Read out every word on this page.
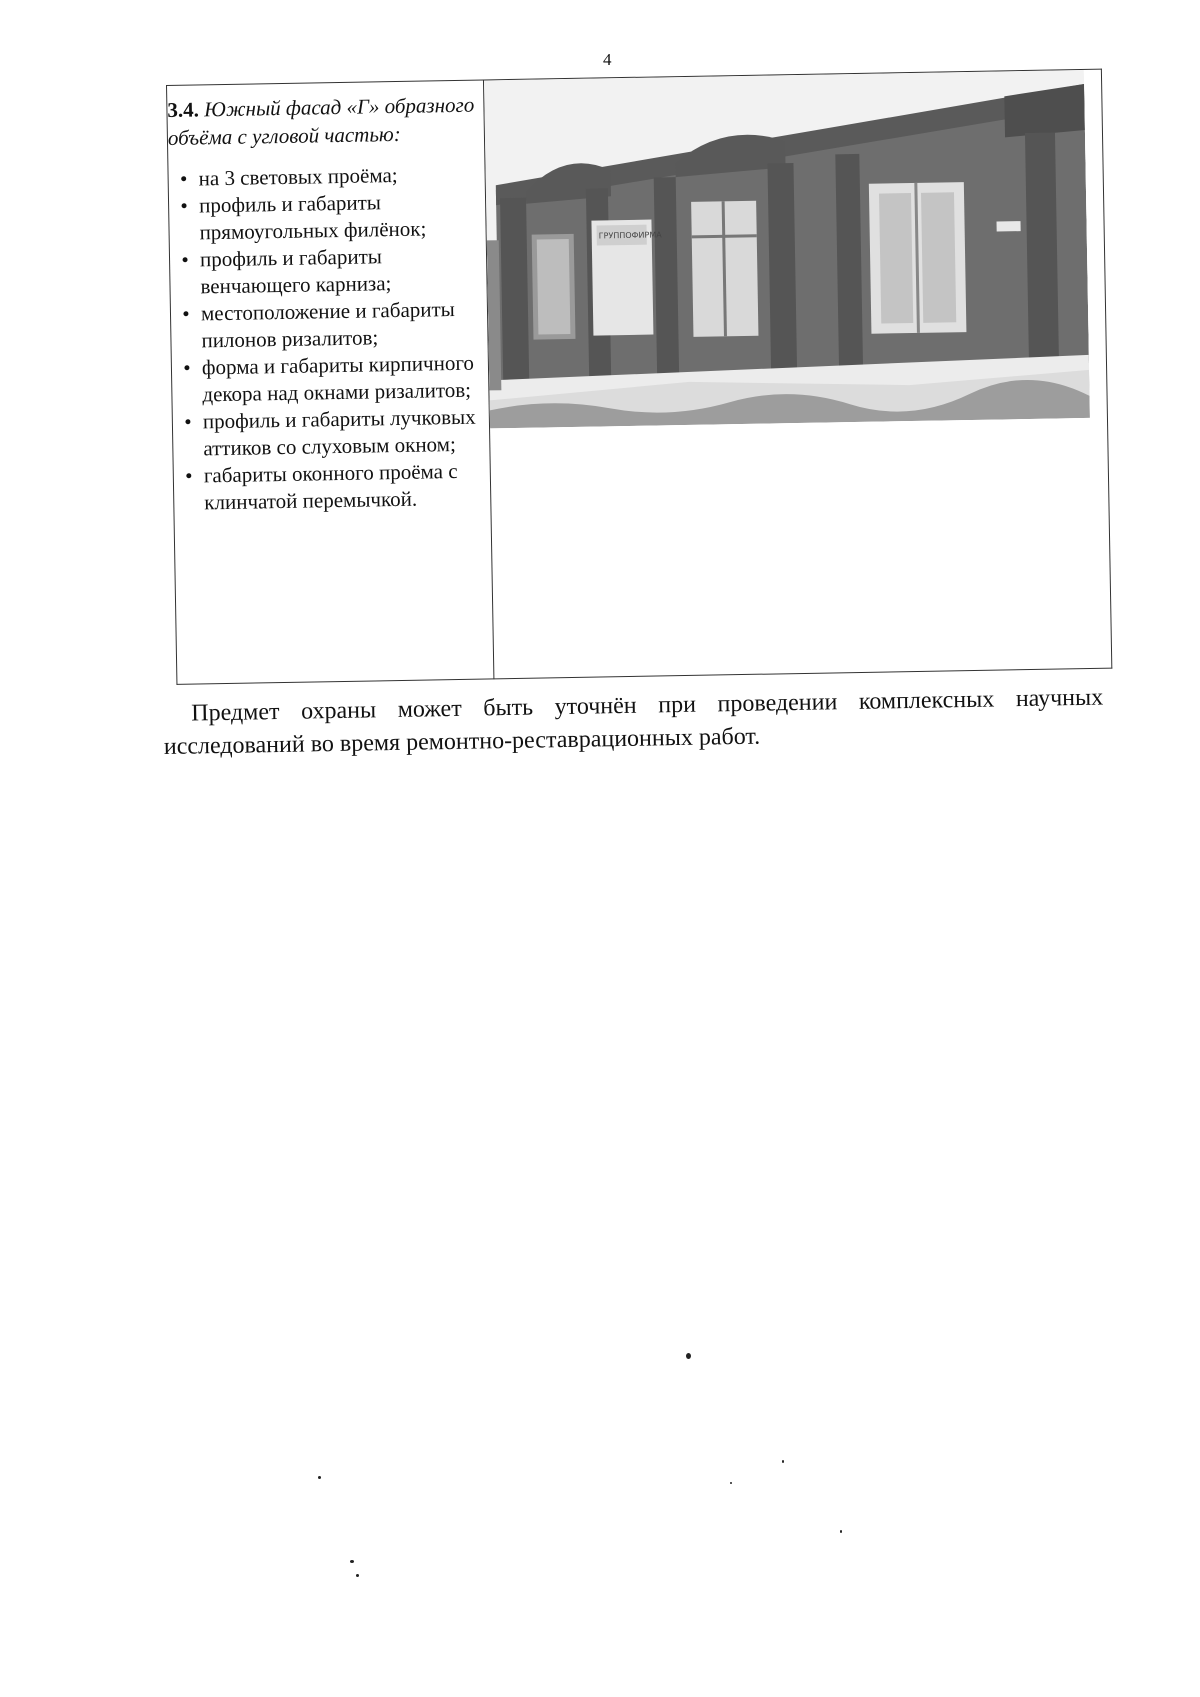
4
3.4. Южный фасад «Г» образного объёма с угловой частью:
• на 3 световых проёма;
• профиль и габариты прямоугольных филёнок;
• профиль и габариты венчающего карниза;
• местоположение и габариты пилонов ризалитов;
• форма и габариты кирпичного декора над окнами ризалитов;
• профиль и габариты лучковых аттиков со слуховым окном;
• габариты оконного проёма с клинчатой перемычкой.

ГРУППОФИРМА
Предмет охраны может быть уточнён при проведении комплексных научных исследований во время ремонтно-реставрационных работ.
